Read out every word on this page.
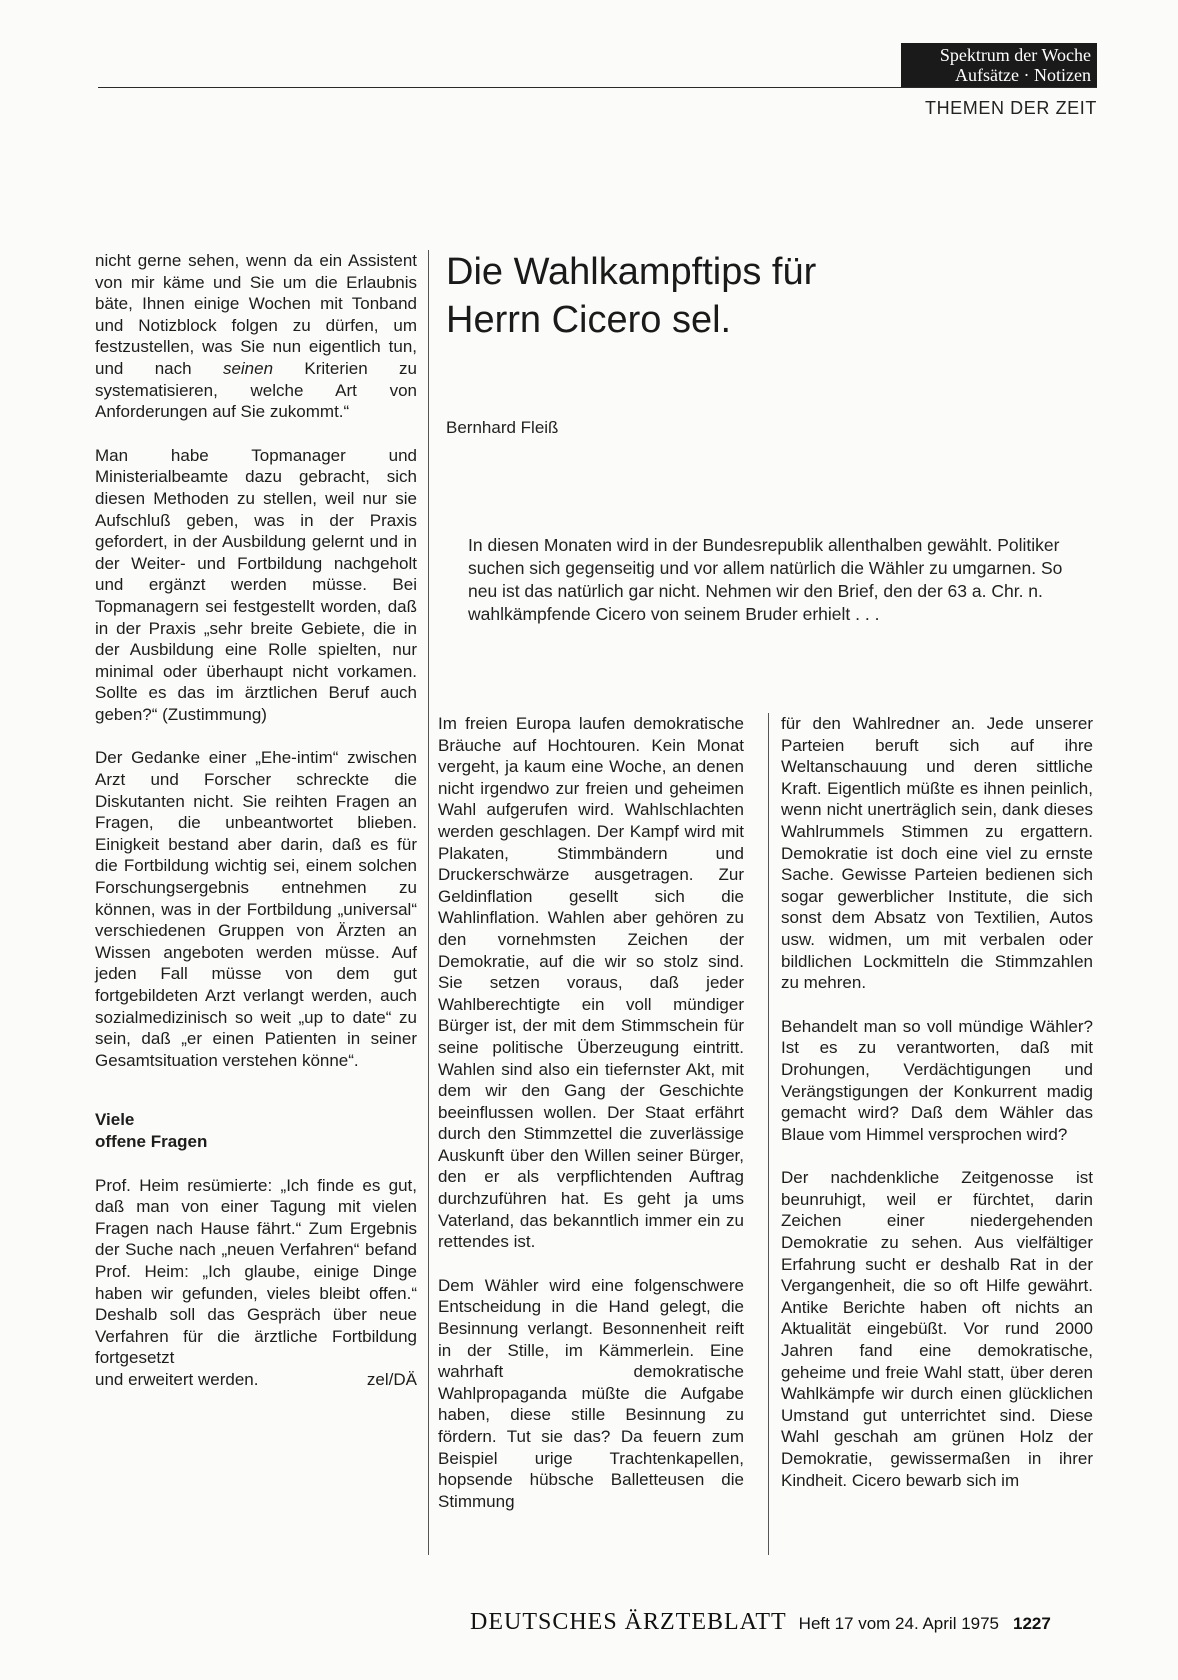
Spektrum der Woche
Aufsätze · Notizen
THEMEN DER ZEIT

nicht gerne sehen, wenn da ein Assistent von mir käme und Sie um die Erlaubnis bäte, Ihnen einige Wochen mit Tonband und Notizblock folgen zu dürfen, um festzustellen, was Sie nun eigentlich tun, und nach seinen Kriterien zu systematisieren, welche Art von Anforderungen auf Sie zukommt.“

Man habe Topmanager und Ministerialbeamte dazu gebracht, sich diesen Methoden zu stellen, weil nur sie Aufschluß geben, was in der Praxis gefordert, in der Ausbildung gelernt und in der Weiter- und Fortbildung nachgeholt und ergänzt werden müsse. Bei Topmanagern sei festgestellt worden, daß in der Praxis „sehr breite Gebiete, die in der Ausbildung eine Rolle spielten, nur minimal oder überhaupt nicht vorkamen. Sollte es das im ärztlichen Beruf auch geben?“ (Zustimmung)

Der Gedanke einer „Ehe-intim“ zwischen Arzt und Forscher schreckte die Diskutanten nicht. Sie reihten Fragen an Fragen, die unbeantwortet blieben. Einigkeit bestand aber darin, daß es für die Fortbildung wichtig sei, einem solchen Forschungsergebnis entnehmen zu können, was in der Fortbildung „universal“ verschiedenen Gruppen von Ärzten an Wissen angeboten werden müsse. Auf jeden Fall müsse von dem gut fortgebildeten Arzt verlangt werden, auch sozialmedizinisch so weit „up to date“ zu sein, daß „er einen Patienten in seiner Gesamtsituation verstehen könne“.

Viele
offene Fragen

Prof. Heim resümierte: „Ich finde es gut, daß man von einer Tagung mit vielen Fragen nach Hause fährt.“ Zum Ergebnis der Suche nach „neuen Verfahren“ befand Prof. Heim: „Ich glaube, einige Dinge haben wir gefunden, vieles bleibt offen.“ Deshalb soll das Gespräch über neue Verfahren für die ärztliche Fortbildung fortgesetzt

und erweitert werden.	zel/DÄ

Die Wahlkampftips für
Herrn Cicero sel.
Bernhard Fleiß
In diesen Monaten wird in der Bundesrepublik allenthalben gewählt. Politiker suchen sich gegenseitig und vor allem natürlich die Wähler zu umgarnen. So neu ist das natürlich gar nicht. Nehmen wir den Brief, den der 63 a. Chr. n. wahlkämpfende Cicero von seinem Bruder erhielt . . .

Im freien Europa laufen demokratische Bräuche auf Hochtouren. Kein Monat vergeht, ja kaum eine Woche, an denen nicht irgendwo zur freien und geheimen Wahl aufgerufen wird. Wahlschlachten werden geschlagen. Der Kampf wird mit Plakaten, Stimmbändern und Druckerschwärze ausgetragen. Zur Geldinflation gesellt sich die Wahlinflation. Wahlen aber gehören zu den vornehmsten Zeichen der Demokratie, auf die wir so stolz sind. Sie setzen voraus, daß jeder Wahlberechtigte ein voll mündiger Bürger ist, der mit dem Stimmschein für seine politische Überzeugung eintritt. Wahlen sind also ein tiefernster Akt, mit dem wir den Gang der Geschichte beeinflussen wollen. Der Staat erfährt durch den Stimmzettel die zuverlässige Auskunft über den Willen seiner Bürger, den er als verpflichtenden Auftrag durchzuführen hat. Es geht ja ums Vaterland, das bekanntlich immer ein zu rettendes ist.

Dem Wähler wird eine folgenschwere Entscheidung in die Hand gelegt, die Besinnung verlangt. Besonnenheit reift in der Stille, im Kämmerlein. Eine wahrhaft demokratische Wahlpropaganda müßte die Aufgabe haben, diese stille Besinnung zu fördern. Tut sie das? Da feuern zum Beispiel urige Trachtenkapellen, hopsende hübsche Balletteusen die Stimmung

für den Wahlredner an. Jede unserer Parteien beruft sich auf ihre Weltanschauung und deren sittliche Kraft. Eigentlich müßte es ihnen peinlich, wenn nicht unerträglich sein, dank dieses Wahlrummels Stimmen zu ergattern. Demokratie ist doch eine viel zu ernste Sache. Gewisse Parteien bedienen sich sogar gewerblicher Institute, die sich sonst dem Absatz von Textilien, Autos usw. widmen, um mit verbalen oder bildlichen Lockmitteln die Stimmzahlen zu mehren.

Behandelt man so voll mündige Wähler? Ist es zu verantworten, daß mit Drohungen, Verdächtigungen und Verängstigungen der Konkurrent madig gemacht wird? Daß dem Wähler das Blaue vom Himmel versprochen wird?

Der nachdenkliche Zeitgenosse ist beunruhigt, weil er fürchtet, darin Zeichen einer niedergehenden Demokratie zu sehen. Aus vielfältiger Erfahrung sucht er deshalb Rat in der Vergangenheit, die so oft Hilfe gewährt. Antike Berichte haben oft nichts an Aktualität eingebüßt. Vor rund 2000 Jahren fand eine demokratische, geheime und freie Wahl statt, über deren Wahlkämpfe wir durch einen glücklichen Umstand gut unterrichtet sind. Diese Wahl geschah am grünen Holz der Demokratie, gewissermaßen in ihrer Kindheit. Cicero bewarb sich im

DEUTSCHES ÄRZTEBLATT Heft 17 vom 24. April 1975 1227
